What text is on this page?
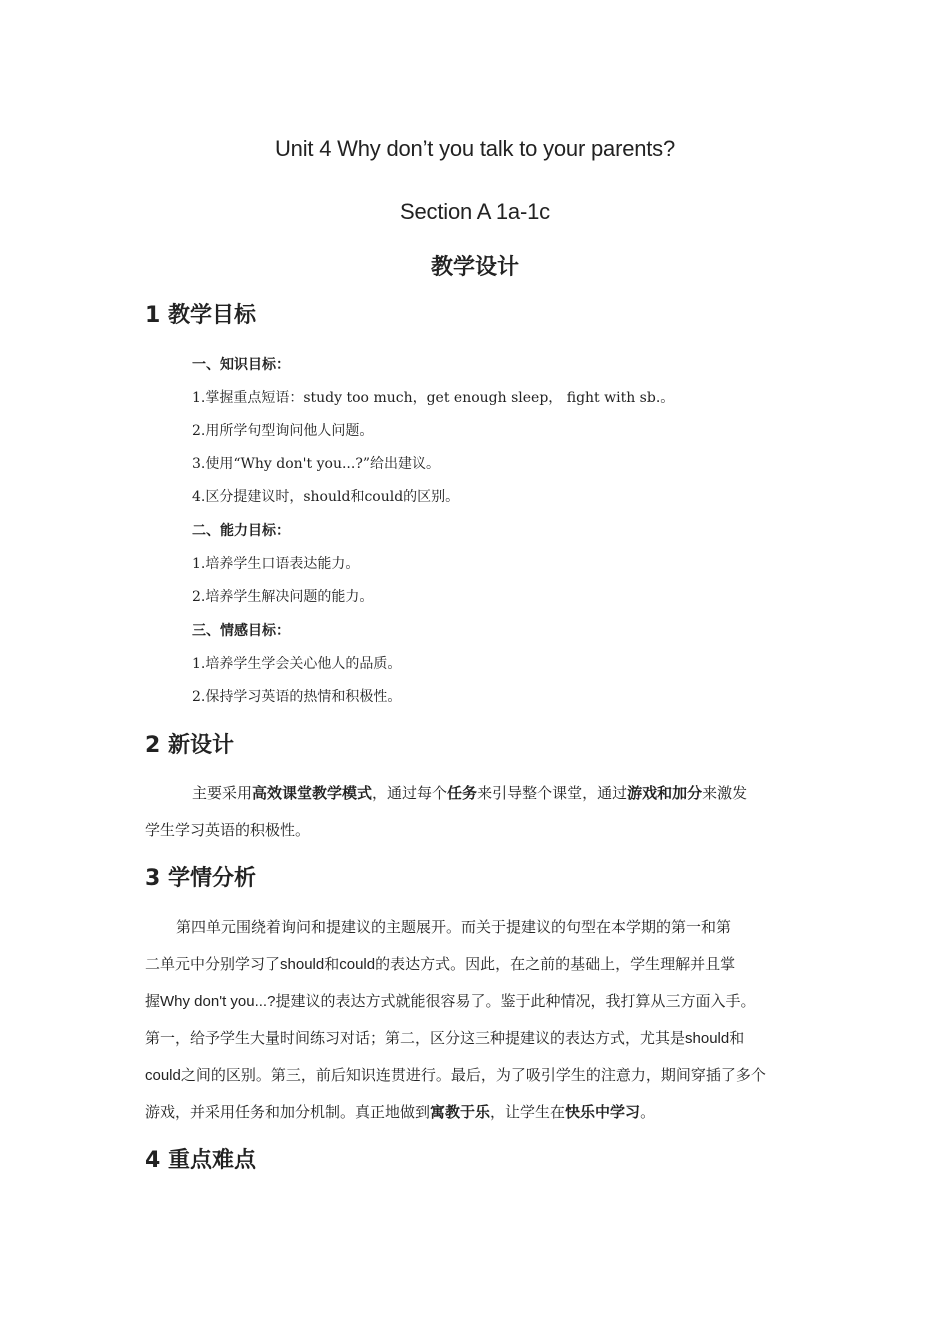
Unit 4 Why don’t you talk to your parents?
Section A 1a-1c
教学设计
1 教学目标
一、知识目标：
1.掌握重点短语：study too much，get enough sleep， fight with sb.。
2.用所学句型询问他人问题。
3.使用“Why don't you...?”给出建议。
4.区分提建议时，should和could的区别。
二、能力目标：
1.培养学生口语表达能力。
2.培养学生解决问题的能力。
三、情感目标：
1.培养学生学会关心他人的品质。
2.保持学习英语的热情和积极性。
2 新设计
主要采用高效课堂教学模式，通过每个任务来引导整个课堂，通过游戏和加分来激发
学生学习英语的积极性。
3 学情分析
第四单元围绕着询问和提建议的主题展开。而关于提建议的句型在本学期的第一和第
二单元中分别学习了should和could的表达方式。因此，在之前的基础上，学生理解并且掌
握Why don't you...?提建议的表达方式就能很容易了。鉴于此种情况，我打算从三方面入手。
第一，给予学生大量时间练习对话；第二，区分这三种提建议的表达方式，尤其是should和
could之间的区别。第三，前后知识连贯进行。最后，为了吸引学生的注意力，期间穿插了多个
游戏，并采用任务和加分机制。真正地做到寓教于乐，让学生在快乐中学习。
4 重点难点
